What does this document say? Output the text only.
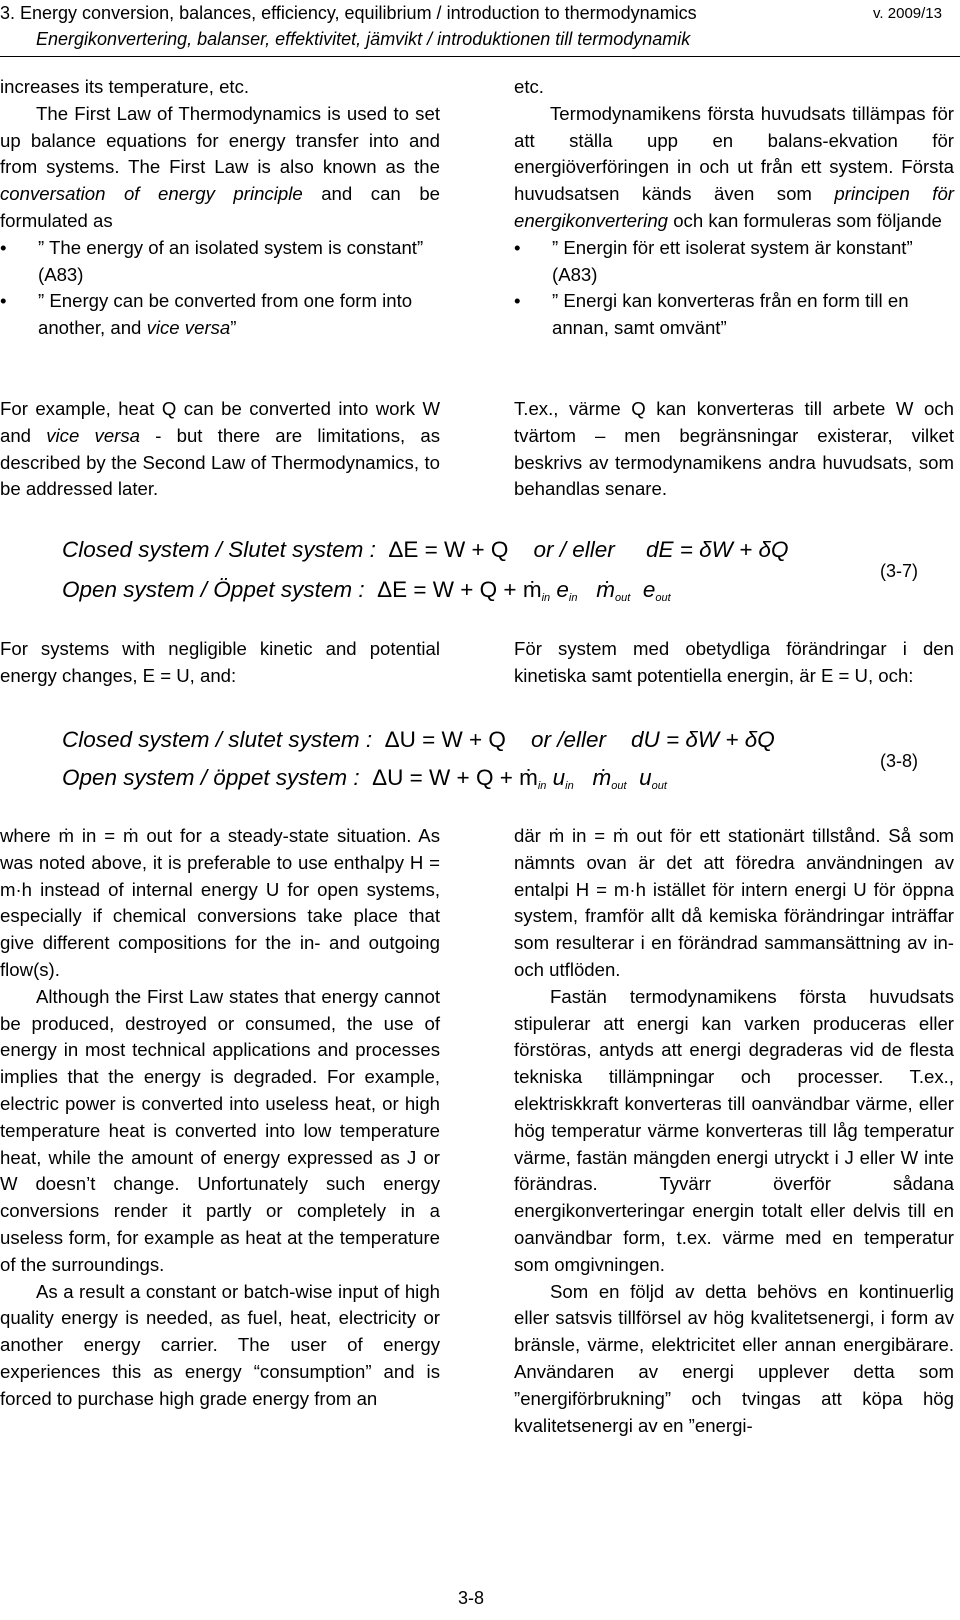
3. Energy conversion, balances, efficiency, equilibrium / introduction to thermodynamics	v. 2009/13
Energikonvertering, balanser, effektivitet, jämvikt / introduktionen till termodynamik

increases its temperature, etc.

The First Law of Thermodynamics is used to set up balance equations for energy transfer into and from systems. The First Law is also known as the conversation of energy principle and can be formulated as

• ” The energy of an isolated system is constant” (A83)
• ” Energy can be converted from one form into another, and vice versa”

For example, heat Q can be converted into work W and vice versa - but there are limitations, as described by the Second Law of Thermodynamics, to be addressed later.

etc.

Termodynamikens första huvudsats tillämpas för att ställa upp en balans-ekvation för energiöverföringen in och ut från ett system. Första huvudsatsen känds även som principen för energikonvertering och kan formuleras som följande

• ” Energin för ett isolerat system är konstant” (A83)
• ” Energi kan konverteras från en form till en annan, samt omvänt”

T.ex., värme Q kan konverteras till arbete W och tvärtom – men begränsningar existerar, vilket beskrivs av termodynamikens andra huvudsats, som behandlas senare.

Closed system / Slutet system : ΔE = W + Q or / eller dE = δW + δQ
Open system / Öppet system : ΔE = W + Q + ṁin ein ṁout eout
(3-7)

For systems with negligible kinetic and potential energy changes, E = U, and:

För system med obetydliga förändringar i den kinetiska samt potentiella energin, är E = U, och:

Closed system / slutet system : ΔU = W + Q or /eller dU = δW + δQ
Open system / öppet system : ΔU = W + Q + ṁin uin ṁout uout
(3-8)

where ṁ in = ṁ out for a steady-state situation. As was noted above, it is preferable to use enthalpy H = m·h instead of internal energy U for open systems, especially if chemical conversions take place that give different compositions for the in- and outgoing flow(s).

Although the First Law states that energy cannot be produced, destroyed or consumed, the use of energy in most technical applications and processes implies that the energy is degraded. For example, electric power is converted into useless heat, or high temperature heat is converted into low temperature heat, while the amount of energy expressed as J or W doesn’t change. Unfortunately such energy conversions render it partly or completely in a useless form, for example as heat at the temperature of the surroundings.

As a result a constant or batch-wise input of high quality energy is needed, as fuel, heat, electricity or another energy carrier. The user of energy experiences this as energy “consumption” and is forced to purchase high grade energy from an

där ṁ in = ṁ out för ett stationärt tillstånd. Så som nämnts ovan är det att föredra användningen av entalpi H = m·h istället för intern energi U för öppna system, framför allt då kemiska förändringar inträffar som resulterar i en förändrad sammansättning av in- och utflöden.

Fastän termodynamikens första huvudsats stipulerar att energi kan varken produceras eller förstöras, antyds att energi degraderas vid de flesta tekniska tillämpningar och processer. T.ex., elektriskkraft konverteras till oanvändbar värme, eller hög temperatur värme konverteras till låg temperatur värme, fastän mängden energi utryckt i J eller W inte förändras. Tyvärr överför sådana energikonverteringar energin totalt eller delvis till en oanvändbar form, t.ex. värme med en temperatur som omgivningen.

Som en följd av detta behövs en kontinuerlig eller satsvis tillförsel av hög kvalitetsenergi, i form av bränsle, värme, elektricitet eller annan energibärare. Användaren av energi upplever detta som ”energiförbrukning” och tvingas att köpa hög kvalitetsenergi av en ”energi-

3-8
